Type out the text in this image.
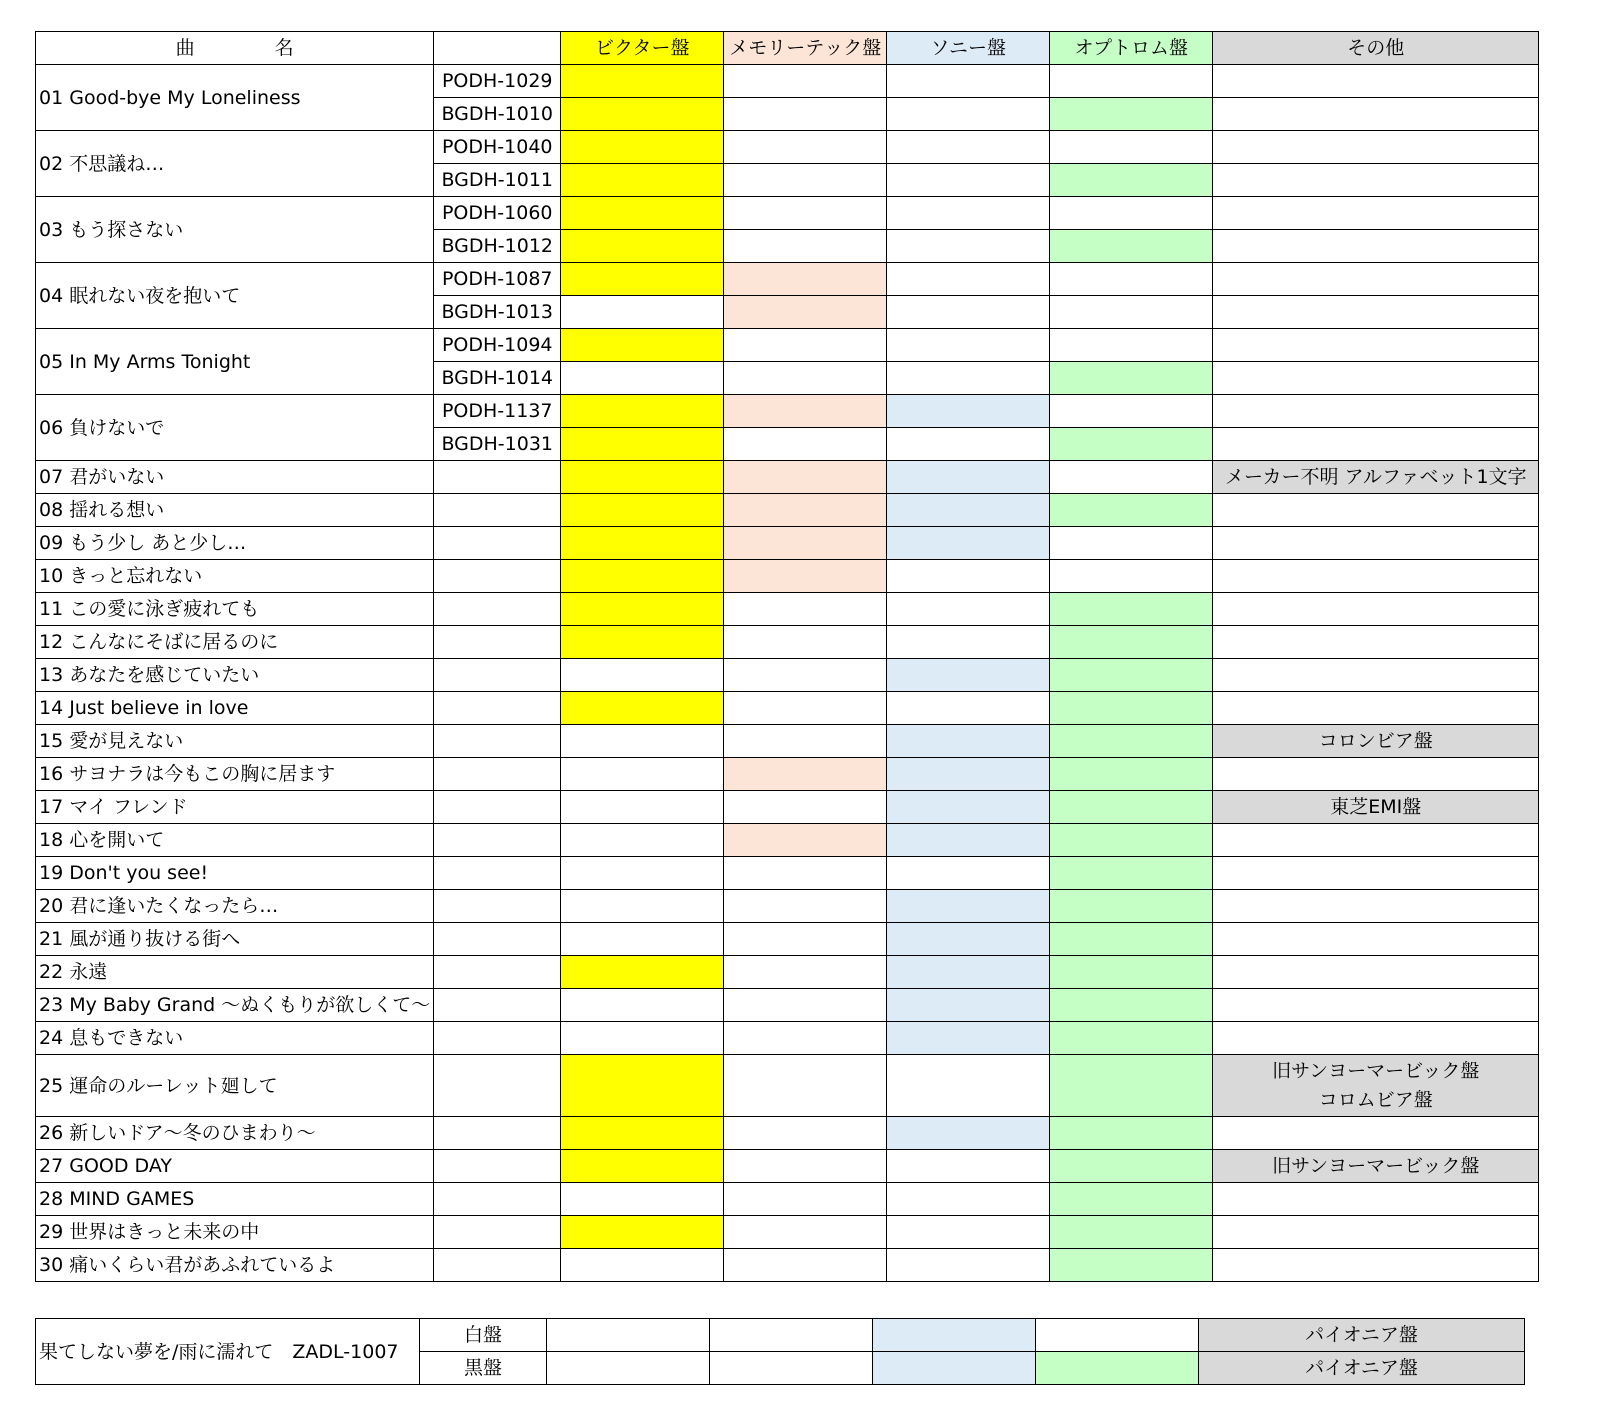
曲 名		ビクター盤	メモリーテック盤	ソニー盤	オプトロム盤	その他
01 Good-bye My Loneliness	PODH-1029					
	BGDH-1010					
02 不思議ね…	PODH-1040					
	BGDH-1011					
03 もう探さない	PODH-1060					
	BGDH-1012					
04 眠れない夜を抱いて	PODH-1087					
	BGDH-1013					
05 In My Arms Tonight	PODH-1094					
	BGDH-1014					
06 負けないで	PODH-1137					
	BGDH-1031					
07 君がいない						メーカー不明 アルファベット1文字
08 揺れる想い						
09 もう少し あと少し…						
10 きっと忘れない						
11 この愛に泳ぎ疲れても						
12 こんなにそばに居るのに						
13 あなたを感じていたい						
14 Just believe in love						
15 愛が見えない						コロンビア盤
16 サヨナラは今もこの胸に居ます						
17 マイ フレンド						東芝EMI盤
18 心を開いて						
19 Don't you see!						
20 君に逢いたくなったら…						
21 風が通り抜ける街へ						
22 永遠						
23 My Baby Grand ～ぬくもりが欲しくて～						
24 息もできない						
25 運命のルーレット廻して						旧サンヨーマービック盤
コロムビア盤

26 新しいドア～冬のひまわり～						
27 GOOD DAY						旧サンヨーマービック盤
28 MIND GAMES						
29 世界はきっと未来の中						
30 痛いくらい君があふれているよ						
果てしない夢を/雨に濡れて　ZADL-1007	白盤					パイオニア盤
	黒盤					パイオニア盤
